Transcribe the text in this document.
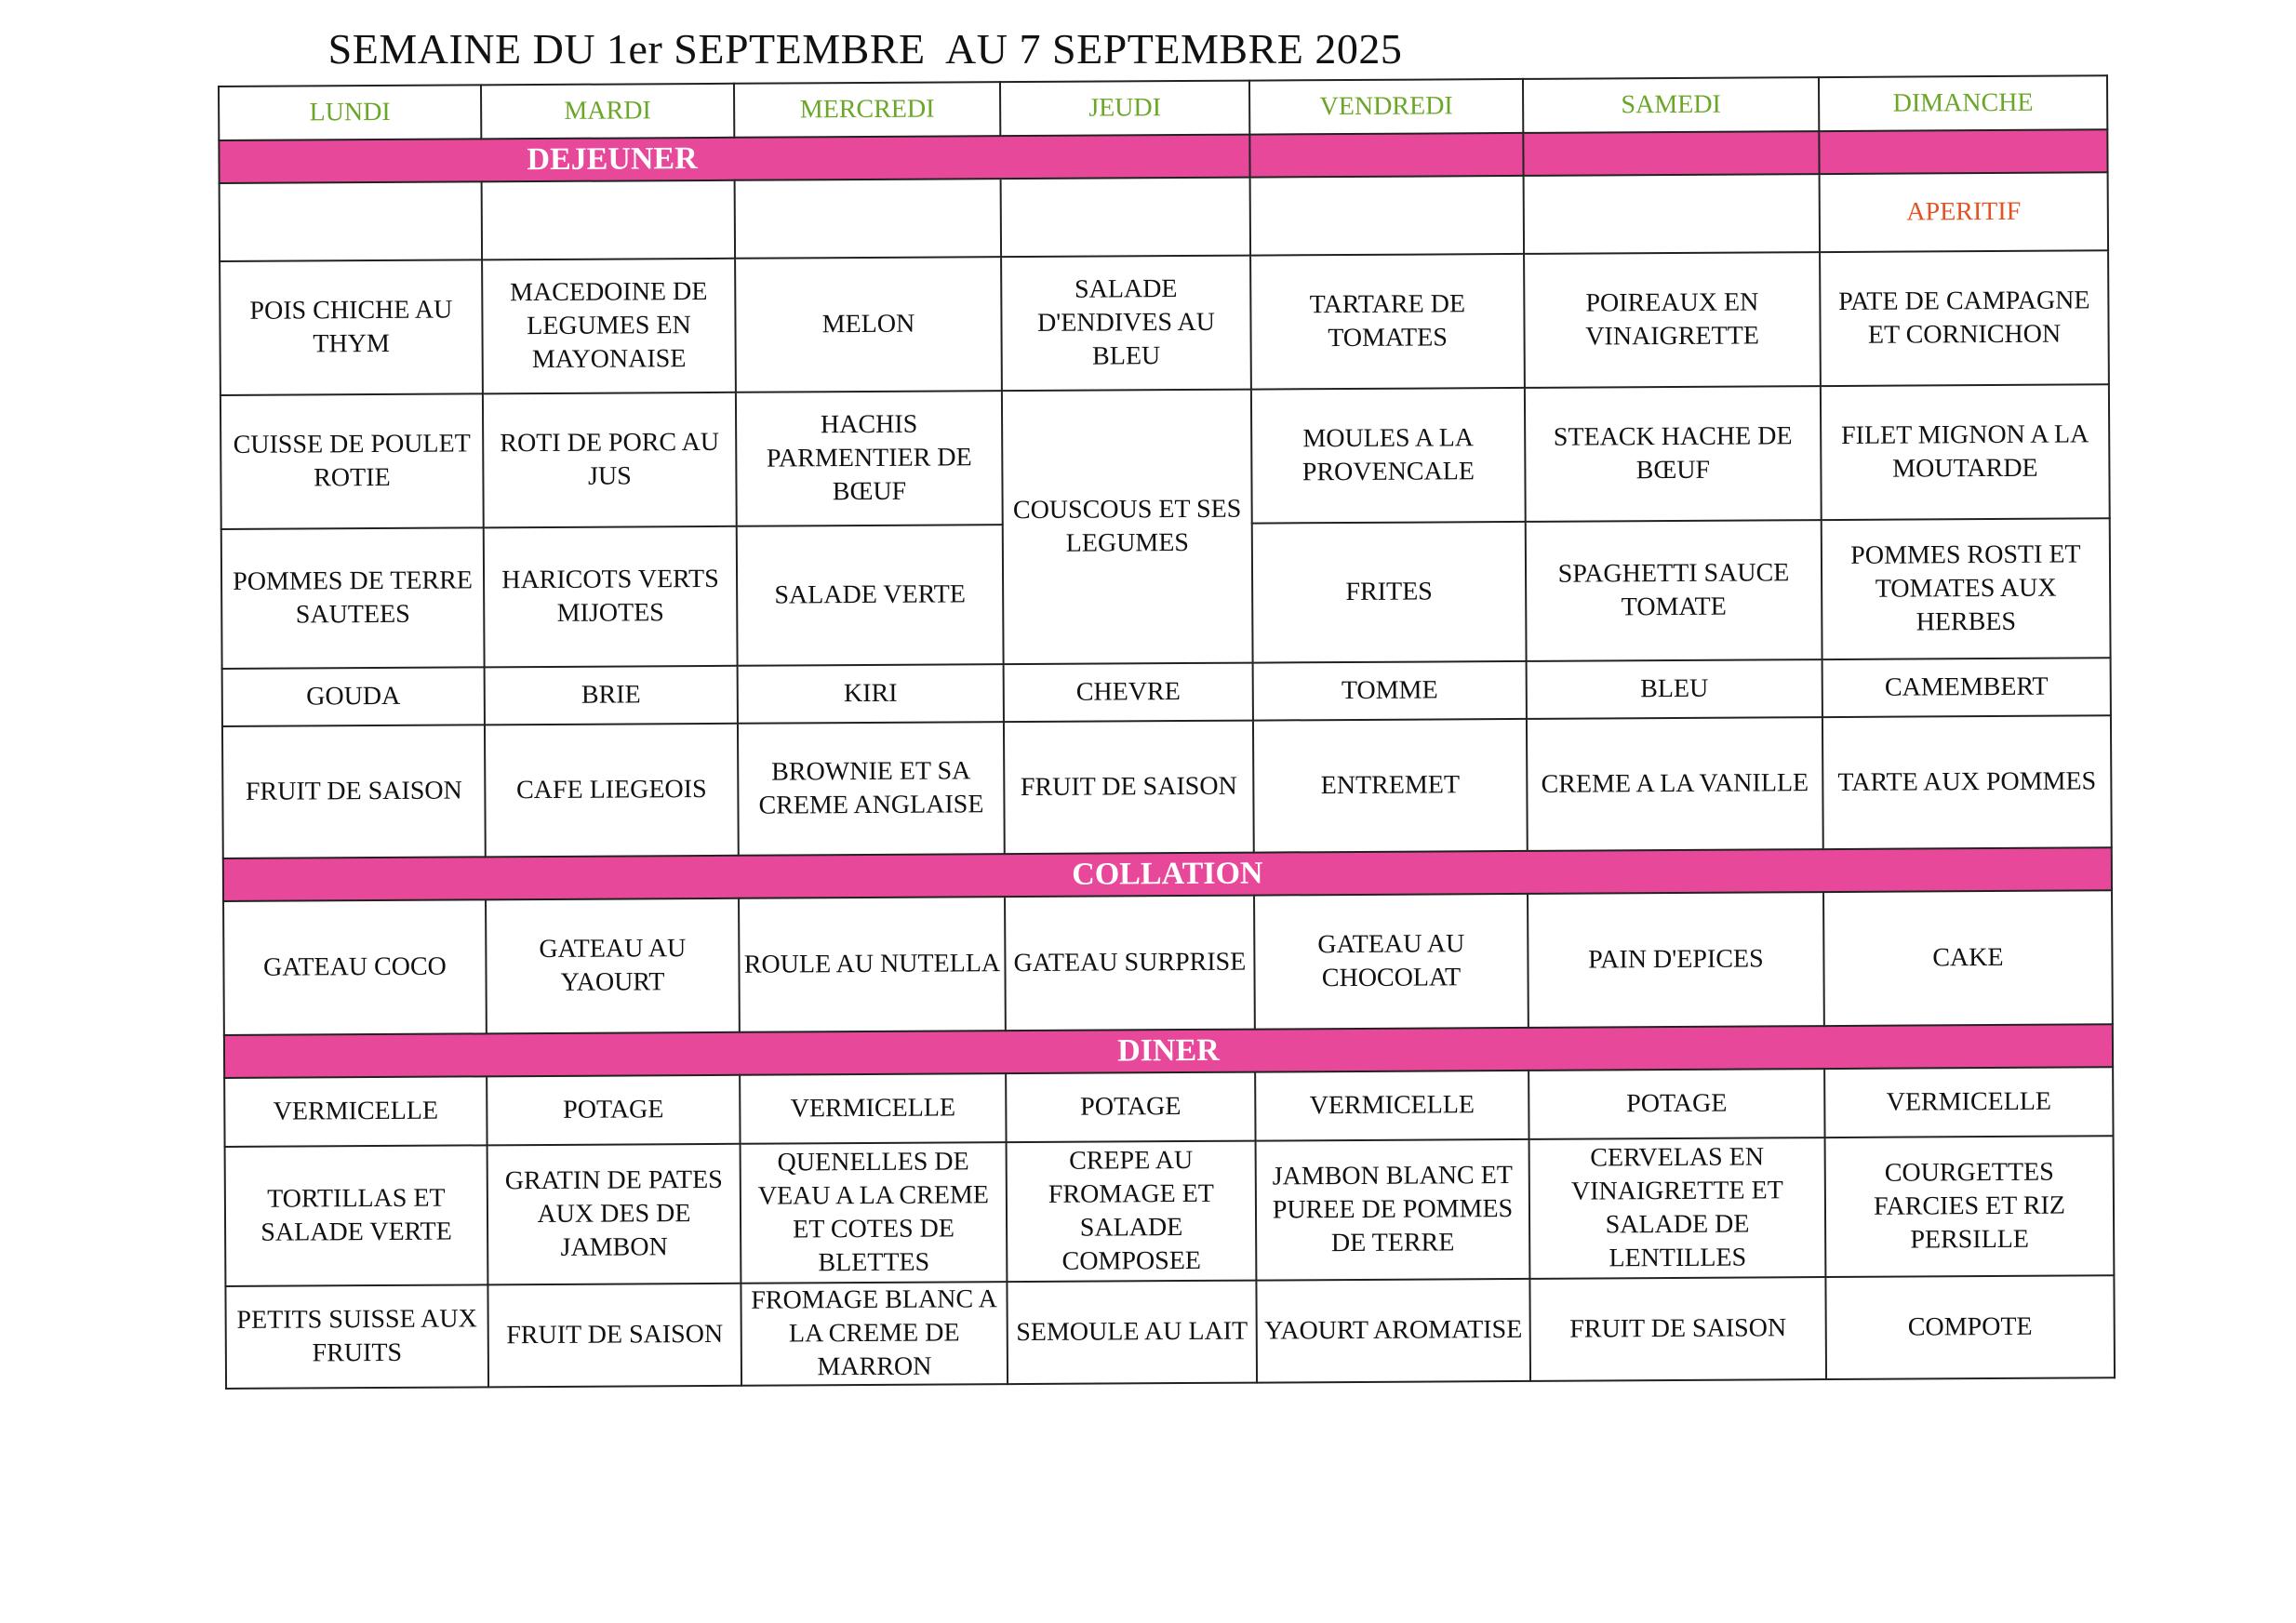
SEMAINE DU 1er SEPTEMBRE  AU 7 SEPTEMBRE 2025
LUNDI	MARDI	MERCREDI	JEUDI	VENDREDI	SAMEDI	DIMANCHE
DEJEUNER						
						APERITIF
POIS CHICHE AU THYM	MACEDOINE DE LEGUMES EN MAYONAISE	MELON	SALADE D'ENDIVES AU BLEU	TARTARE DE TOMATES	POIREAUX EN VINAIGRETTE	PATE DE CAMPAGNE ET CORNICHON
CUISSE DE POULET ROTIE	ROTI DE PORC AU JUS	HACHIS PARMENTIER DE BŒUF	COUSCOUS ET SES LEGUMES	MOULES A LA PROVENCALE	STEACK HACHE DE BŒUF	FILET MIGNON A LA MOUTARDE
POMMES DE TERRE SAUTEES	HARICOTS VERTS MIJOTES	SALADE VERTE		FRITES	SPAGHETTI SAUCE TOMATE	POMMES ROSTI ET TOMATES AUX HERBES
GOUDA	BRIE	KIRI	CHEVRE	TOMME	BLEU	CAMEMBERT
FRUIT DE SAISON	CAFE LIEGEOIS	BROWNIE ET SA CREME ANGLAISE	FRUIT DE SAISON	ENTREMET	CREME A LA VANILLE	TARTE AUX POMMES
COLLATION						
GATEAU COCO	GATEAU AU YAOURT	ROULE AU NUTELLA	GATEAU SURPRISE	GATEAU AU CHOCOLAT	PAIN D'EPICES	CAKE
DINER						
VERMICELLE	POTAGE	VERMICELLE	POTAGE	VERMICELLE	POTAGE	VERMICELLE
TORTILLAS ET SALADE VERTE	GRATIN DE PATES AUX DES DE JAMBON	QUENELLES DE VEAU A LA CREME ET COTES DE BLETTES	CREPE AU FROMAGE ET SALADE COMPOSEE	JAMBON BLANC ET PUREE DE POMMES DE TERRE	CERVELAS EN VINAIGRETTE ET SALADE DE LENTILLES	COURGETTES FARCIES ET RIZ PERSILLE
PETITS SUISSE AUX FRUITS	FRUIT DE SAISON	FROMAGE BLANC A LA CREME DE MARRON	SEMOULE AU LAIT	YAOURT AROMATISE	FRUIT DE SAISON	COMPOTE
